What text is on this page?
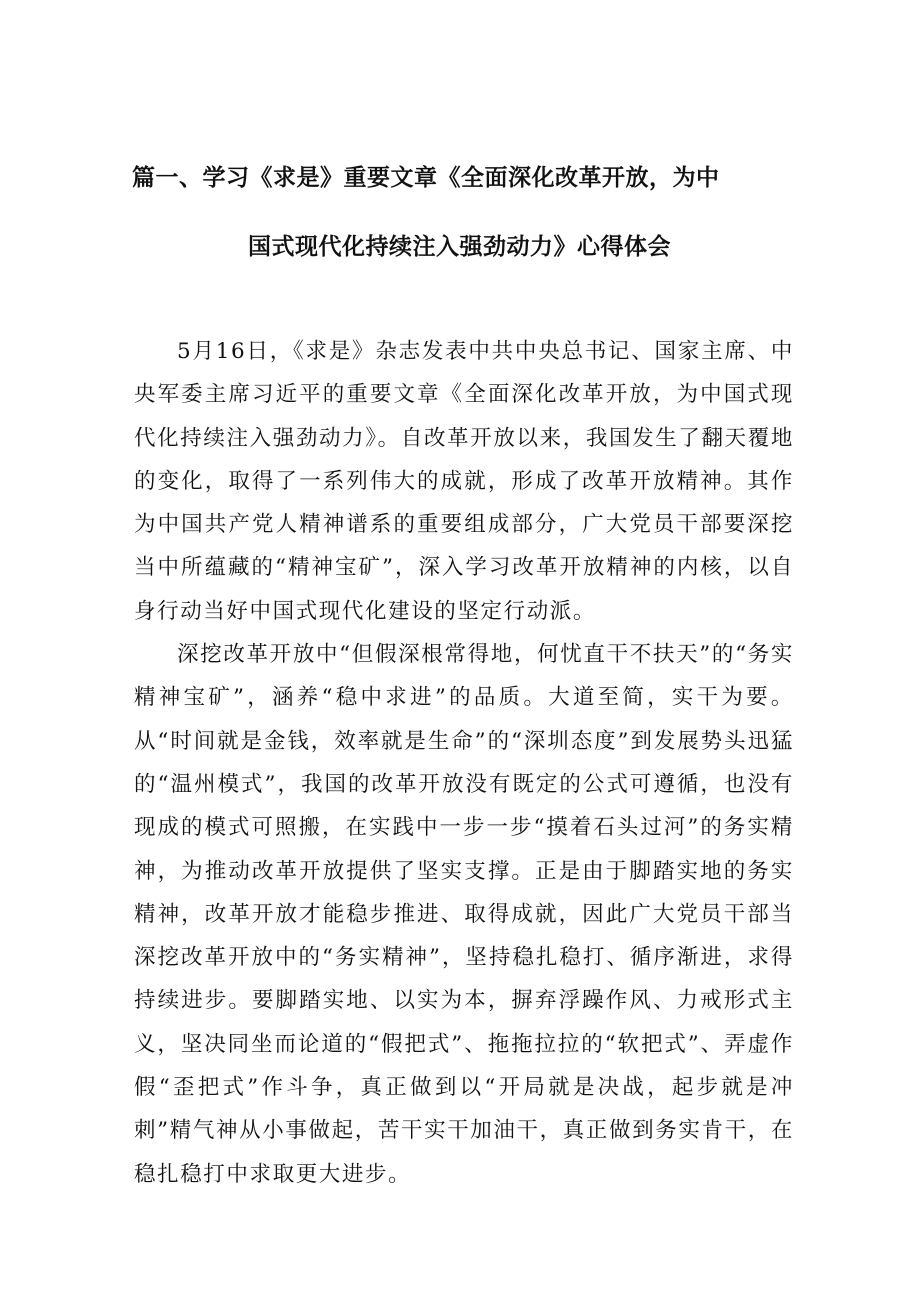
篇一、学习《求是》重要文章《全面深化改革开放，为中
国式现代化持续注入强劲动力》心得体会

5月16日，《求是》杂志发表中共中央总书记、国家主席、中央军委主席习近平的重要文章《全面深化改革开放，为中国式现代化持续注入强劲动力》。自改革开放以来，我国发生了翻天覆地的变化，取得了一系列伟大的成就，形成了改革开放精神。其作为中国共产党人精神谱系的重要组成部分，广大党员干部要深挖当中所蕴藏的“精神宝矿”，深入学习改革开放精神的内核，以自身行动当好中国式现代化建设的坚定行动派。

深挖改革开放中“但假深根常得地，何忧直干不扶天”的“务实精神宝矿”，涵养“稳中求进”的品质。大道至简，实干为要。从“时间就是金钱，效率就是生命”的“深圳态度”到发展势头迅猛的“温州模式”，我国的改革开放没有既定的公式可遵循，也没有现成的模式可照搬，在实践中一步一步“摸着石头过河”的务实精神，为推动改革开放提供了坚实支撑。正是由于脚踏实地的务实精神，改革开放才能稳步推进、取得成就，因此广大党员干部当深挖改革开放中的“务实精神”，坚持稳扎稳打、循序渐进，求得持续进步。要脚踏实地、以实为本，摒弃浮躁作风、力戒形式主义，坚决同坐而论道的“假把式”、拖拖拉拉的“软把式”、弄虚作假“歪把式”作斗争，真正做到以“开局就是决战，起步就是冲刺”精气神从小事做起，苦干实干加油干，真正做到务实肯干，在稳扎稳打中求取更大进步。
